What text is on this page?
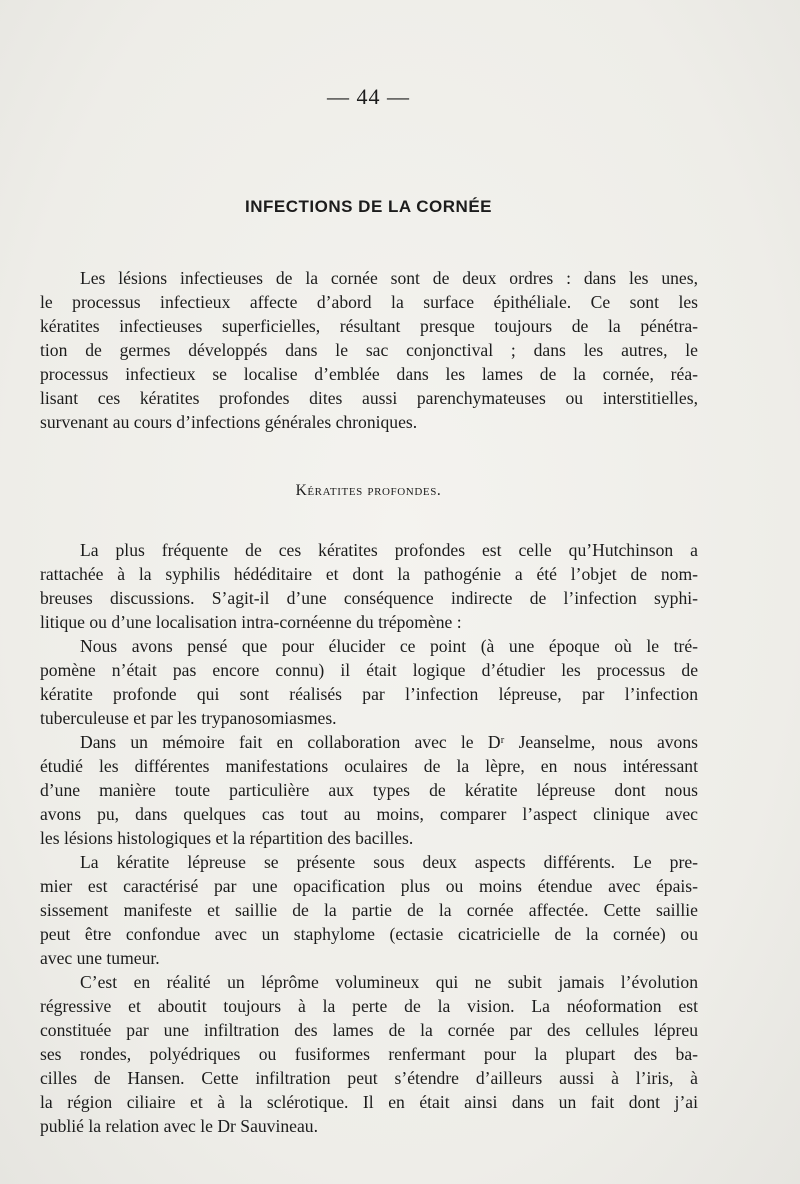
— 44 —
INFECTIONS DE LA CORNÉE
Les lésions infectieuses de la cornée sont de deux ordres : dans les unes,
le processus infectieux affecte d’abord la surface épithéliale. Ce sont les
kératites infectieuses superficielles, résultant presque toujours de la pénétra-
tion de germes développés dans le sac conjonctival ; dans les autres, le
processus infectieux se localise d’emblée dans les lames de la cornée, réa-
lisant ces kératites profondes dites aussi parenchymateuses ou interstitielles,
survenant au cours d’infections générales chroniques.
Kératites profondes.
La plus fréquente de ces kératites profondes est celle qu’Hutchinson a
rattachée à la syphilis hédéditaire et dont la pathogénie a été l’objet de nom-
breuses discussions. S’agit-il d’une conséquence indirecte de l’infection syphi-
litique ou d’une localisation intra-cornéenne du trépomène :
Nous avons pensé que pour élucider ce point (à une époque où le tré-
pomène n’était pas encore connu) il était logique d’étudier les processus de
kératite profonde qui sont réalisés par l’infection lépreuse, par l’infection
tuberculeuse et par les trypanosomiasmes.
Dans un mémoire fait en collaboration avec le Dʳ Jeanselme, nous avons
étudié les différentes manifestations oculaires de la lèpre, en nous intéressant
d’une manière toute particulière aux types de kératite lépreuse dont nous
avons pu, dans quelques cas tout au moins, comparer l’aspect clinique avec
les lésions histologiques et la répartition des bacilles.
La kératite lépreuse se présente sous deux aspects différents. Le pre-
mier est caractérisé par une opacification plus ou moins étendue avec épais-
sissement manifeste et saillie de la partie de la cornée affectée. Cette saillie
peut être confondue avec un staphylome (ectasie cicatricielle de la cornée) ou
avec une tumeur.
C’est en réalité un léprôme volumineux qui ne subit jamais l’évolution
régressive et aboutit toujours à la perte de la vision. La néoformation est
constituée par une infiltration des lames de la cornée par des cellules lépreu
ses rondes, polyédriques ou fusiformes renfermant pour la plupart des ba-
cilles de Hansen. Cette infiltration peut s’étendre d’ailleurs aussi à l’iris, à
la région ciliaire et à la sclérotique. Il en était ainsi dans un fait dont j’ai
publié la relation avec le Dr Sauvineau.
